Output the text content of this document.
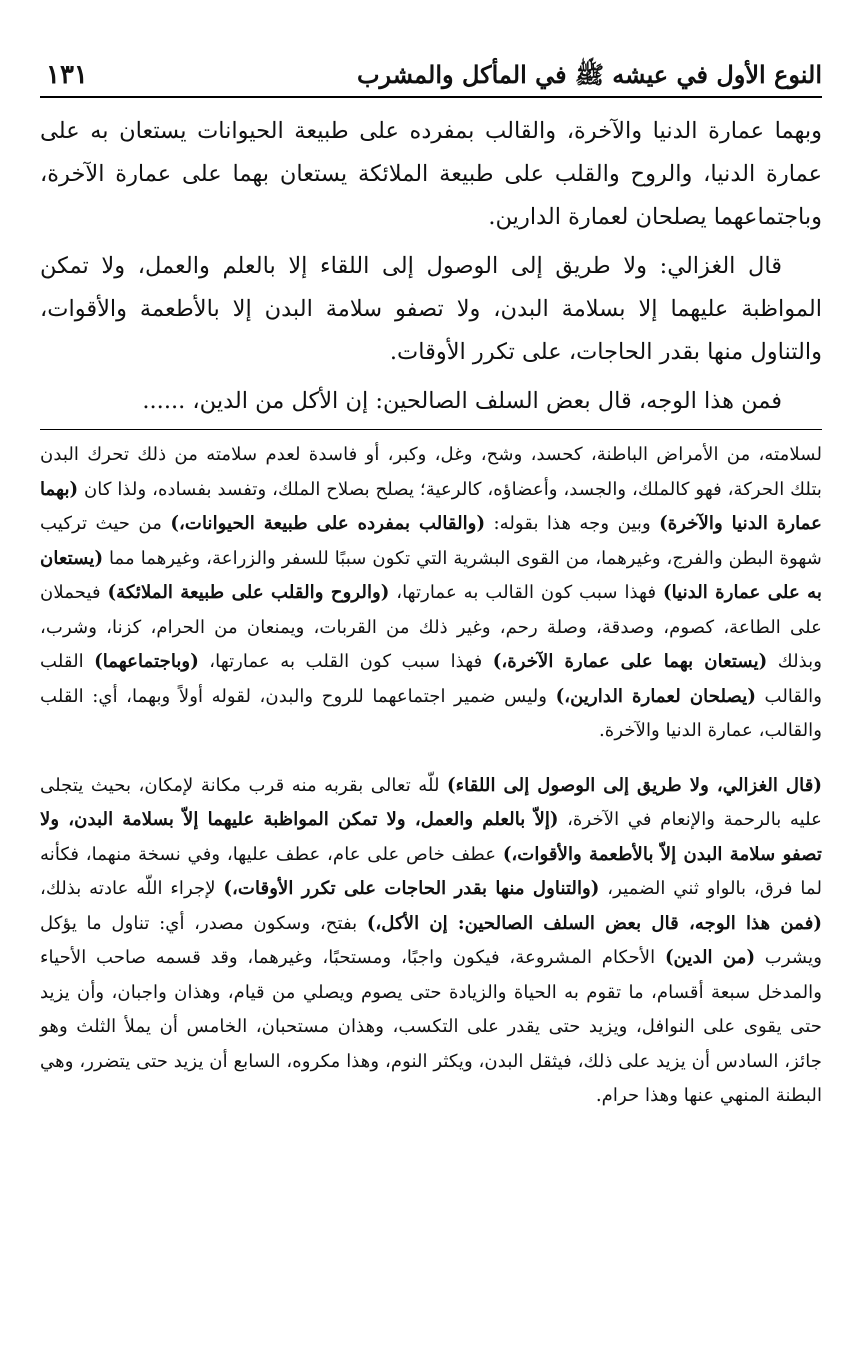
النوع الأول في عيشه ﷺ في المأكل والمشرب
١٣١

وبهما عمارة الدنيا والآخرة، والقالب بمفرده على طبيعة الحيوانات يستعان به على عمارة الدنيا، والروح والقلب على طبيعة الملائكة يستعان بهما على عمارة الآخرة، وباجتماعهما يصلحان لعمارة الدارين.

قال الغزالي: ولا طريق إلى الوصول إلى اللقاء إلا بالعلم والعمل، ولا تمكن المواظبة عليهما إلا بسلامة البدن، ولا تصفو سلامة البدن إلا بالأطعمة والأقوات، والتناول منها بقدر الحاجات، على تكرر الأوقات.

فمن هذا الوجه، قال بعض السلف الصالحين: إن الأكل من الدين، ......

لسلامته، من الأمراض الباطنة، كحسد، وشح، وغل، وكبر، أو فاسدة لعدم سلامته من ذلك تحرك البدن بتلك الحركة، فهو كالملك، والجسد، وأعضاؤه، كالرعية؛ يصلح بصلاح الملك، وتفسد بفساده، ولذا كان (بهما عمارة الدنيا والآخرة) وبين وجه هذا بقوله: (والقالب بمفرده على طبيعة الحيوانات،) من حيث تركيب شهوة البطن والفرج، وغيرهما، من القوى البشرية التي تكون سببًا للسفر والزراعة، وغيرهما مما (يستعان به على عمارة الدنيا) فهذا سبب كون القالب به عمارتها، (والروح والقلب على طبيعة الملائكة) فيحملان على الطاعة، كصوم، وصدقة، وصلة رحم، وغير ذلك من القربات، ويمنعان من الحرام، كزنا، وشرب، وبذلك (يستعان بهما على عمارة الآخرة،) فهذا سبب كون القلب به عمارتها، (وباجتماعهما) القلب والقالب (يصلحان لعمارة الدارين،) وليس ضمير اجتماعهما للروح والبدن، لقوله أولاً وبهما، أي: القلب والقالب، عمارة الدنيا والآخرة.

(قال الغزالي، ولا طريق إلى الوصول إلى اللقاء) للّه تعالى بقربه منه قرب مكانة لإمكان، بحيث يتجلى عليه بالرحمة والإنعام في الآخرة، (إلاّ بالعلم والعمل، ولا تمكن المواظبة عليهما إلاّ بسلامة البدن، ولا تصفو سلامة البدن إلاّ بالأطعمة والأقوات،) عطف خاص على عام، عطف عليها، وفي نسخة منهما، فكأنه لما فرق، بالواو ثني الضمير، (والتناول منها بقدر الحاجات على تكرر الأوقات،) لإجراء اللّه عادته بذلك، (فمن هذا الوجه، قال بعض السلف الصالحين: إن الأكل،) بفتح، وسكون مصدر، أي: تناول ما يؤكل ويشرب (من الدين) الأحكام المشروعة، فيكون واجبًا، ومستحبًا، وغيرهما، وقد قسمه صاحب الأحياء والمدخل سبعة أقسام، ما تقوم به الحياة والزيادة حتى يصوم ويصلي من قيام، وهذان واجبان، وأن يزيد حتى يقوى على النوافل، ويزيد حتى يقدر على التكسب، وهذان مستحبان، الخامس أن يملأ الثلث وهو جائز، السادس أن يزيد على ذلك، فيثقل البدن، ويكثر النوم، وهذا مكروه، السابع أن يزيد حتى يتضرر، وهي البطنة المنهي عنها وهذا حرام.
